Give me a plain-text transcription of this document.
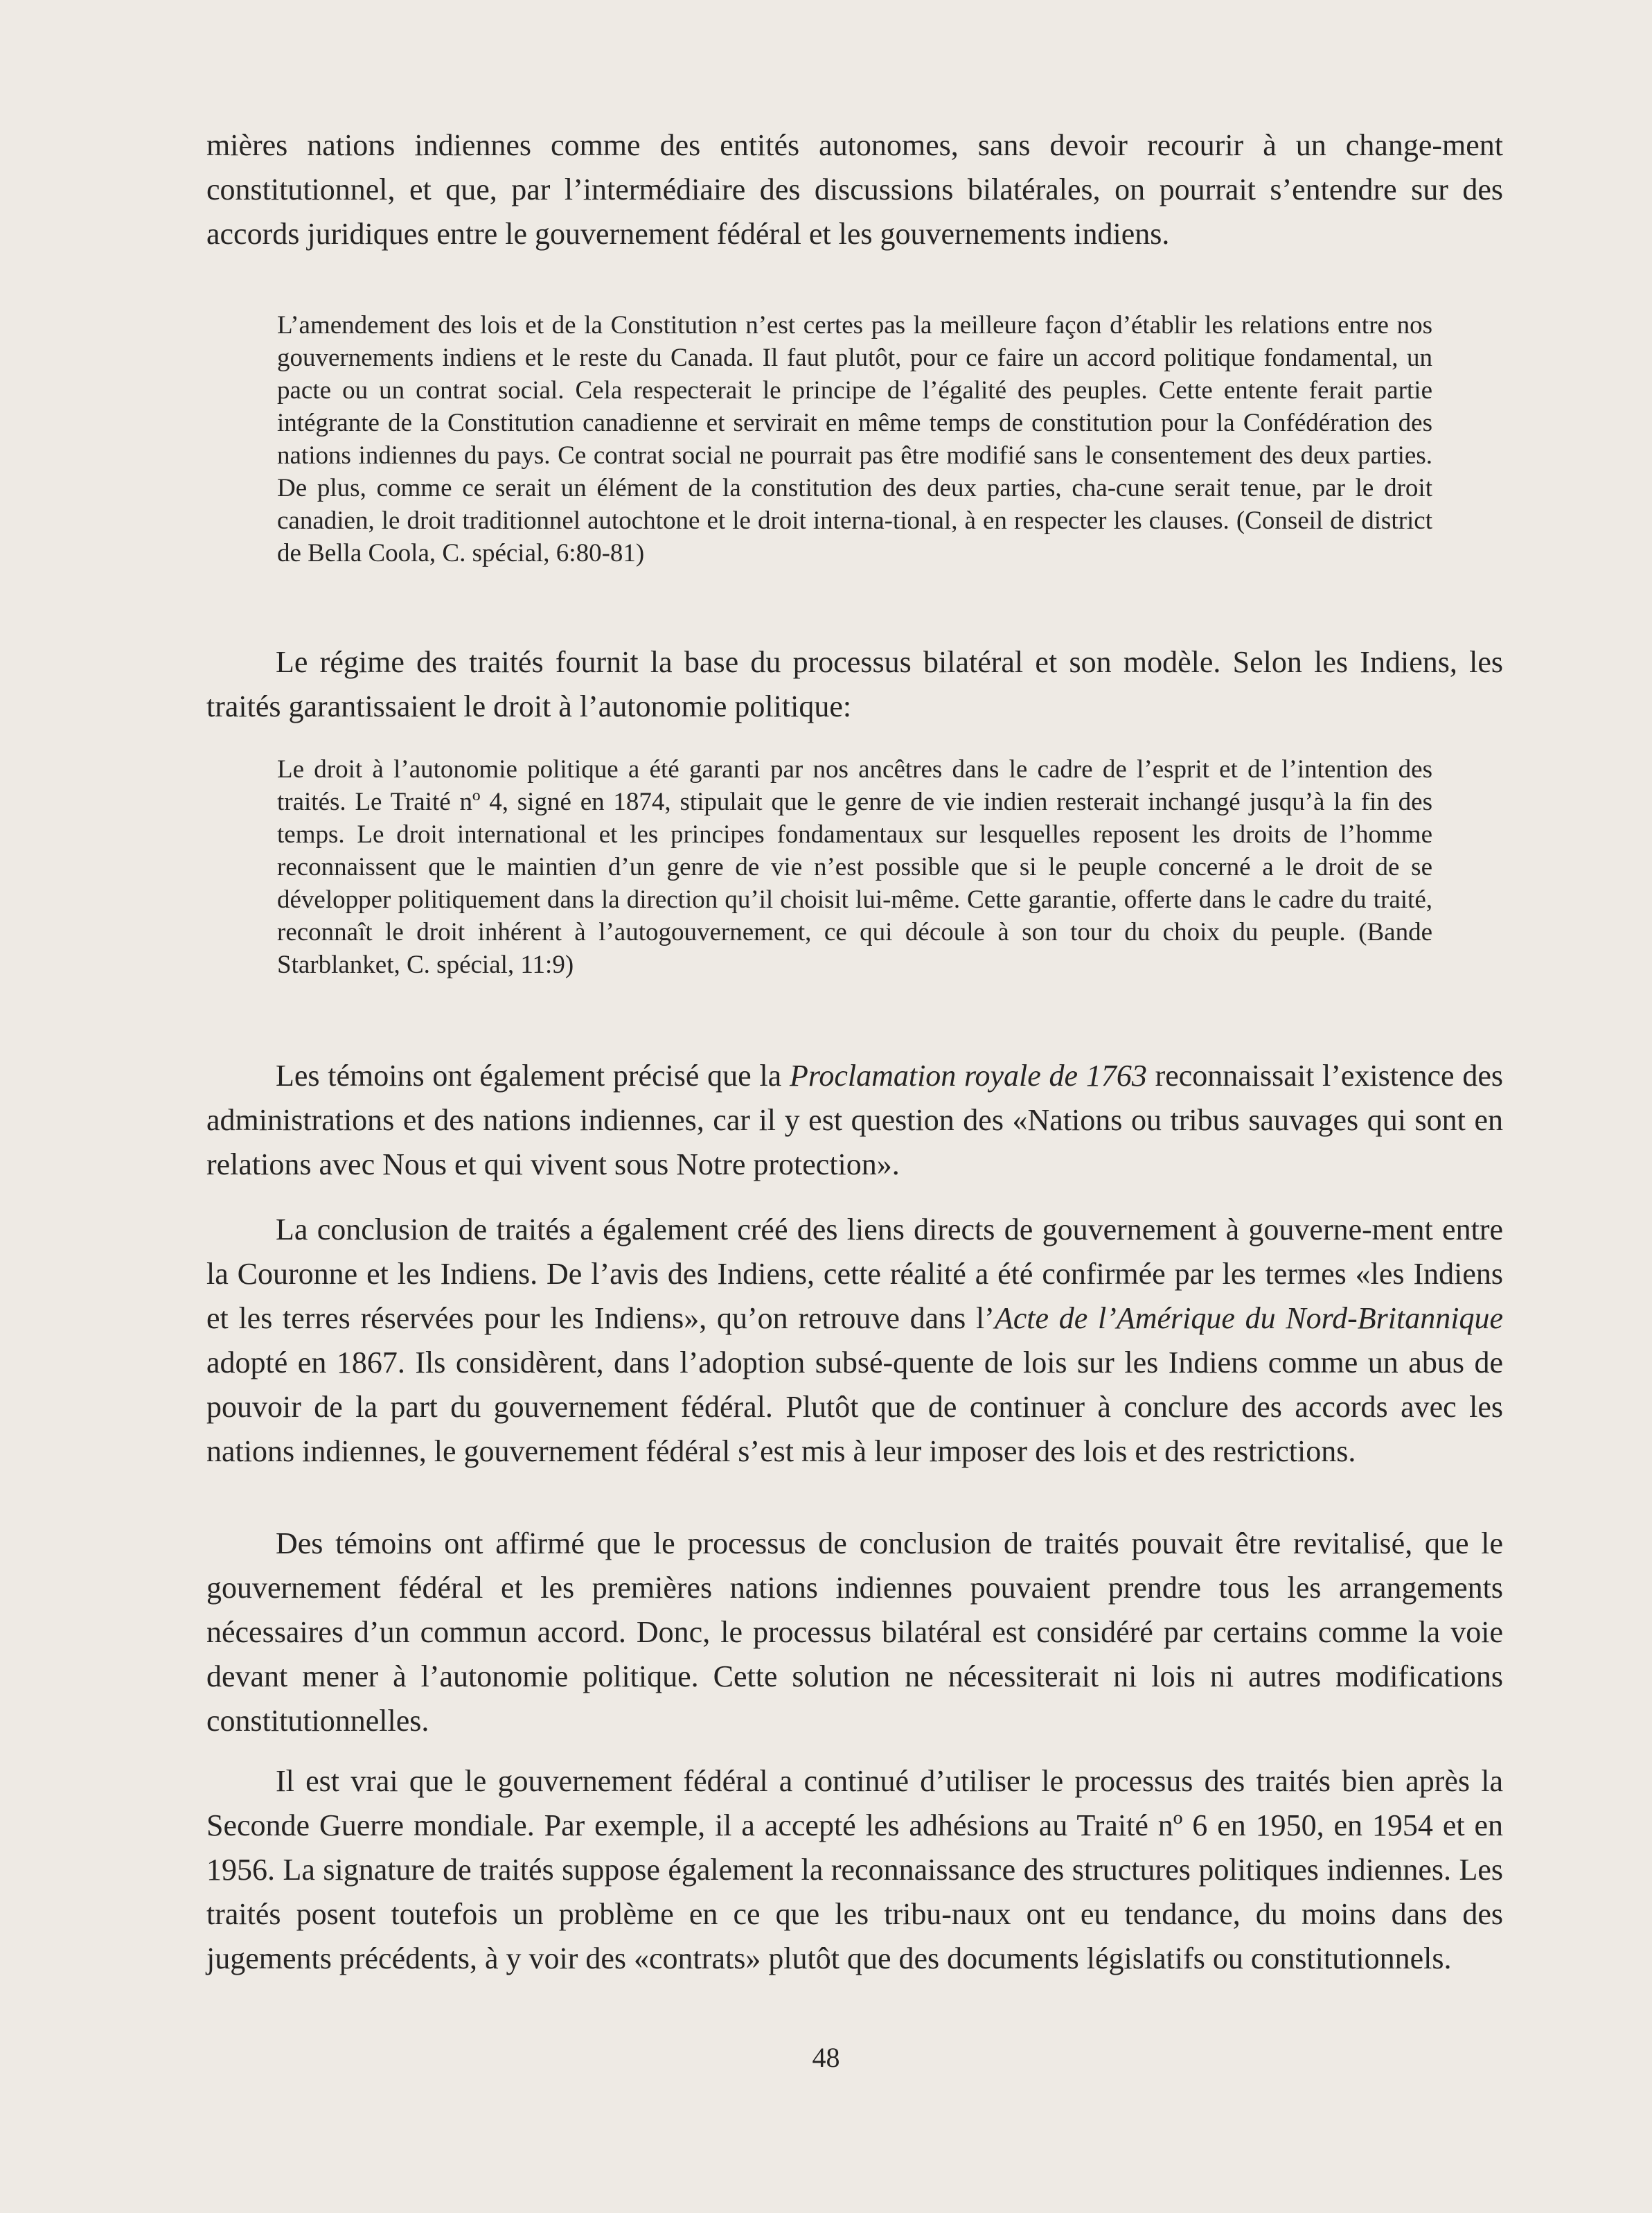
mières nations indiennes comme des entités autonomes, sans devoir recourir à un change-ment constitutionnel, et que, par l’intermédiaire des discussions bilatérales, on pourrait s’entendre sur des accords juridiques entre le gouvernement fédéral et les gouvernements indiens.

L’amendement des lois et de la Constitution n’est certes pas la meilleure façon d’établir les relations entre nos gouvernements indiens et le reste du Canada. Il faut plutôt, pour ce faire un accord politique fondamental, un pacte ou un contrat social. Cela respecterait le principe de l’égalité des peuples. Cette entente ferait partie intégrante de la Constitution canadienne et servirait en même temps de constitution pour la Confédération des nations indiennes du pays. Ce contrat social ne pourrait pas être modifié sans le consentement des deux parties. De plus, comme ce serait un élément de la constitution des deux parties, cha-cune serait tenue, par le droit canadien, le droit traditionnel autochtone et le droit interna-tional, à en respecter les clauses. (Conseil de district de Bella Coola, C. spécial, 6:80-81)

Le régime des traités fournit la base du processus bilatéral et son modèle. Selon les Indiens, les traités garantissaient le droit à l’autonomie politique:

Le droit à l’autonomie politique a été garanti par nos ancêtres dans le cadre de l’esprit et de l’intention des traités. Le Traité nº 4, signé en 1874, stipulait que le genre de vie indien resterait inchangé jusqu’à la fin des temps. Le droit international et les principes fondamentaux sur lesquelles reposent les droits de l’homme reconnaissent que le maintien d’un genre de vie n’est possible que si le peuple concerné a le droit de se développer politiquement dans la direction qu’il choisit lui-même. Cette garantie, offerte dans le cadre du traité, reconnaît le droit inhérent à l’autogouvernement, ce qui découle à son tour du choix du peuple. (Bande Starblanket, C. spécial, 11:9)

Les témoins ont également précisé que la Proclamation royale de 1763 reconnaissait l’existence des administrations et des nations indiennes, car il y est question des «Nations ou tribus sauvages qui sont en relations avec Nous et qui vivent sous Notre protection».

La conclusion de traités a également créé des liens directs de gouvernement à gouverne-ment entre la Couronne et les Indiens. De l’avis des Indiens, cette réalité a été confirmée par les termes «les Indiens et les terres réservées pour les Indiens», qu’on retrouve dans l’Acte de l’Amérique du Nord-Britannique adopté en 1867. Ils considèrent, dans l’adoption subsé-quente de lois sur les Indiens comme un abus de pouvoir de la part du gouvernement fédéral. Plutôt que de continuer à conclure des accords avec les nations indiennes, le gouvernement fédéral s’est mis à leur imposer des lois et des restrictions.

Des témoins ont affirmé que le processus de conclusion de traités pouvait être revitalisé, que le gouvernement fédéral et les premières nations indiennes pouvaient prendre tous les arrangements nécessaires d’un commun accord. Donc, le processus bilatéral est considéré par certains comme la voie devant mener à l’autonomie politique. Cette solution ne nécessiterait ni lois ni autres modifications constitutionnelles.

Il est vrai que le gouvernement fédéral a continué d’utiliser le processus des traités bien après la Seconde Guerre mondiale. Par exemple, il a accepté les adhésions au Traité nº 6 en 1950, en 1954 et en 1956. La signature de traités suppose également la reconnaissance des structures politiques indiennes. Les traités posent toutefois un problème en ce que les tribu-naux ont eu tendance, du moins dans des jugements précédents, à y voir des «contrats» plutôt que des documents législatifs ou constitutionnels.

48
